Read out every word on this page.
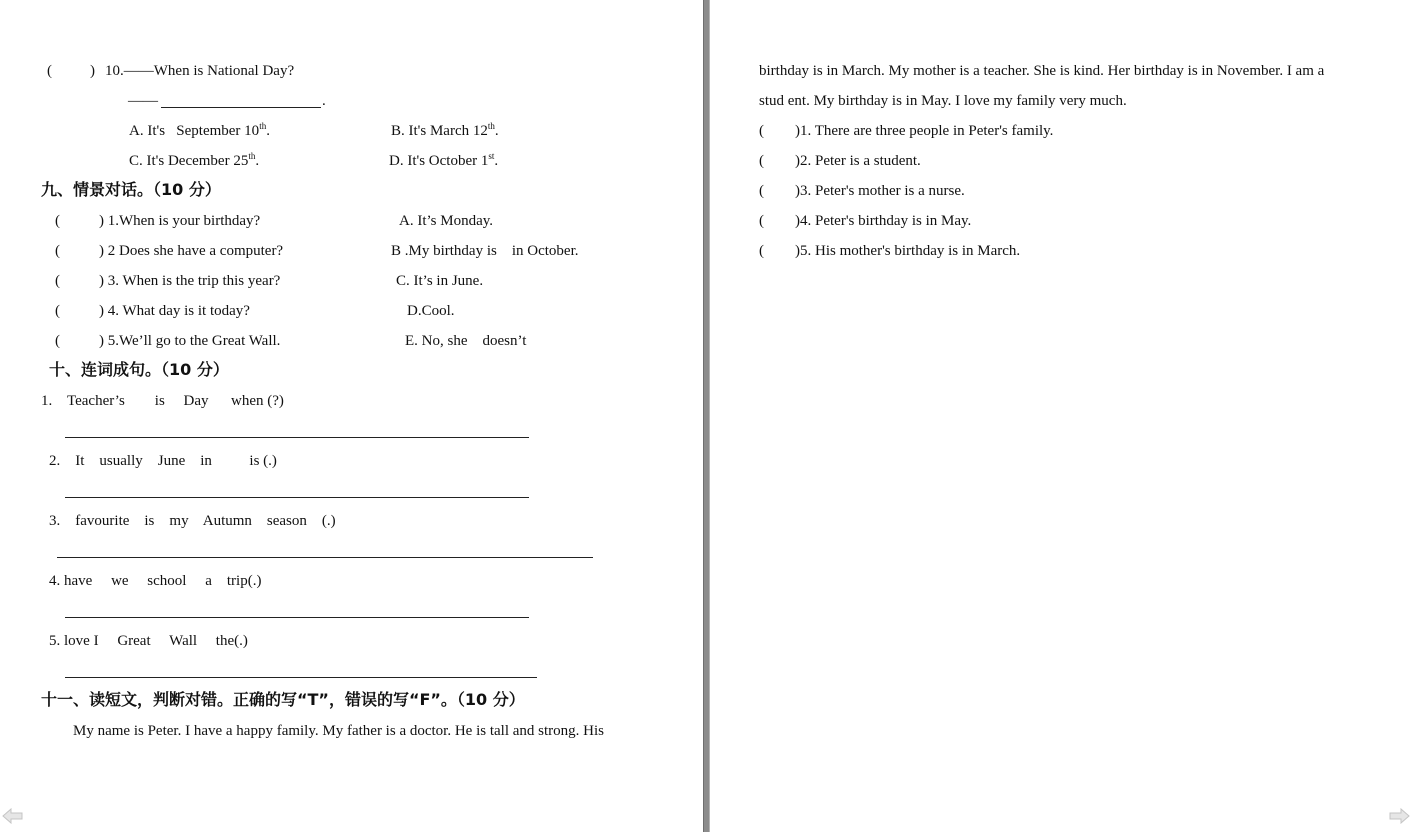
(	) 10.——When is National Day?
——	.
A. It's   September 10th.	B. It's March 12th.
C. It's December 25th.	D. It's October 1st.
九、情景对话。（10 分）
(	) 1.When is your birthday?	A. It’s Monday.
(	) 2 Does she have a computer?	B .My birthday is    in October.
(	) 3. When is the trip this year?	C. It’s in June.
(	) 4. What day is it today?	D.Cool.
(	) 5.We’ll go to the Great Wall.	E. No, she    doesn’t
十、连词成句。（10 分）
1.    Teacher’s        is     Day      when (?)
2.    It    usually    June    in          is (.)
3.    favourite    is    my    Autumn    season    (.)
4. have     we     school     a    trip(.)
5. love I     Great     Wall     the(.)
十一、读短文，判断对错。正确的写“T”，错误的写“F”。（10 分）
My name is Peter. I have a happy family. My father is a doctor. He is tall and strong. His
birthday is in March. My mother is a teacher. She is kind. Her birthday is in November. I am a
stud ent. My birthday is in May. I love my family very much.
( )1. There are three people in Peter's family.
( )2. Peter is a student.
( )3. Peter's mother is a nurse.
( )4. Peter's birthday is in May.
( )5. His mother's birthday is in March.
